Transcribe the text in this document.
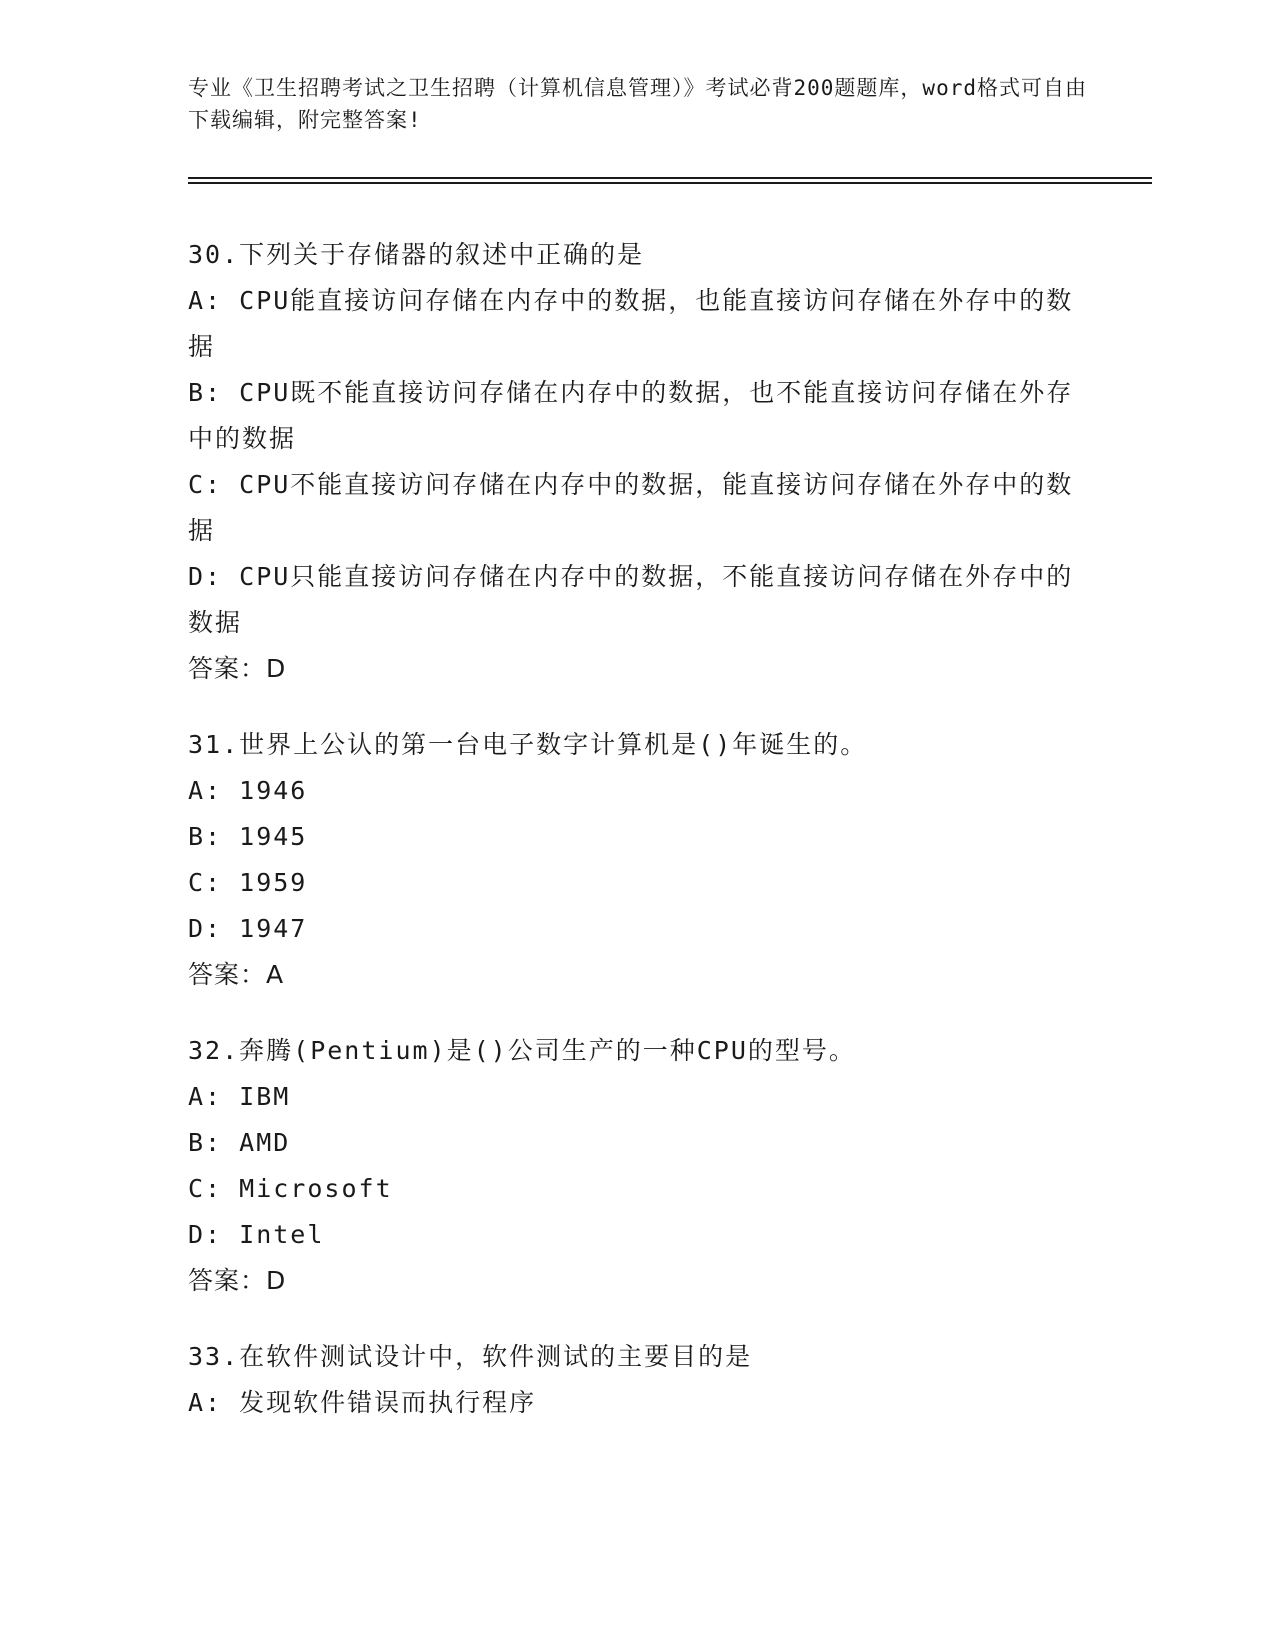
专业《卫生招聘考试之卫生招聘（计算机信息管理）》考试必背200题题库，word格式可自由下载编辑，附完整答案!

30.下列关于存储器的叙述中正确的是

A: CPU能直接访问存储在内存中的数据，也能直接访问存储在外存中的数据

B: CPU既不能直接访问存储在内存中的数据，也不能直接访问存储在外存中的数据

C: CPU不能直接访问存储在内存中的数据，能直接访问存储在外存中的数据

D: CPU只能直接访问存储在内存中的数据，不能直接访问存储在外存中的数据

答案：D

31.世界上公认的第一台电子数字计算机是()年诞生的。

A: 1946

B: 1945

C: 1959

D: 1947

答案：A

32.奔腾(Pentium)是()公司生产的一种CPU的型号。

A: IBM

B: AMD

C: Microsoft

D: Intel

答案：D

33.在软件测试设计中，软件测试的主要目的是

A: 发现软件错误而执行程序
